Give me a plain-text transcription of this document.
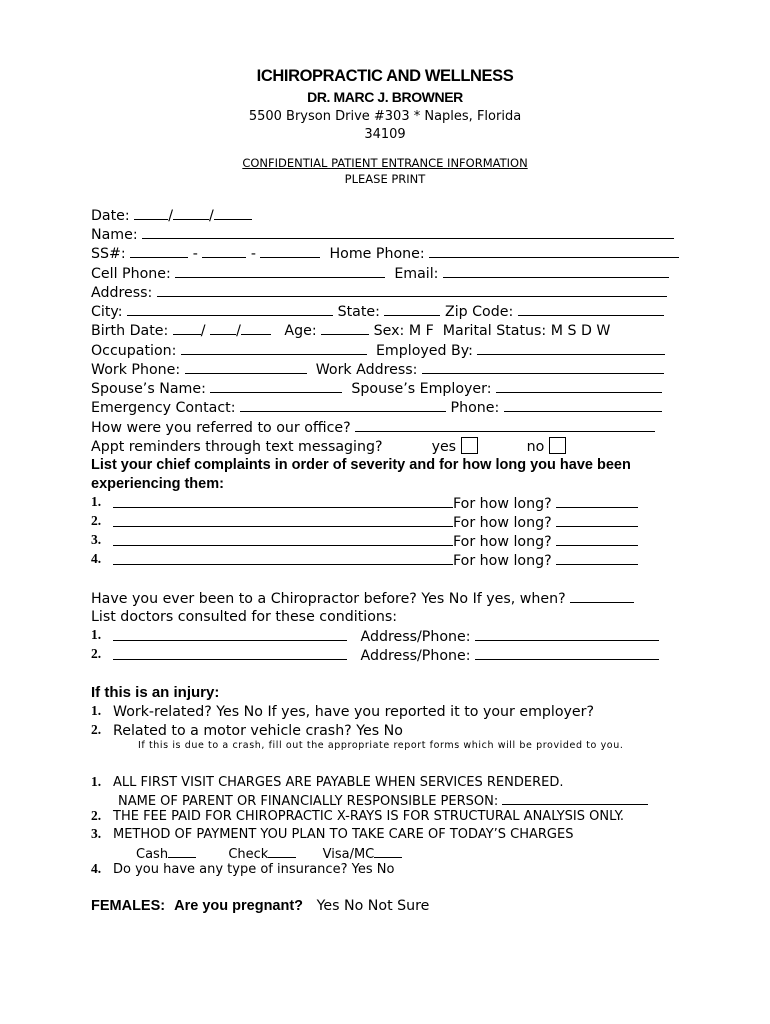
ICHIROPRACTIC AND WELLNESS
DR. MARC J. BROWNER
5500 Bryson Drive #303 * Naples, Florida
34109
CONFIDENTIAL PATIENT ENTRANCE INFORMATION
PLEASE PRINT
Date:	/	/
Name:
SS#:	-	-	Home Phone:
Cell Phone:	Email:
Address:
City:	State:	Zip Code:
Birth Date: / /	Age:	Sex: M F Marital Status: M S D W
Occupation:	Employed By:
Work Phone:	Work Address:
Spouse’s Name:	Spouse’s Employer:
Emergency Contact:	Phone:
How were you referred to our office?
Appt reminders through text messaging?	yes	no
List your chief complaints in order of severity and for how long you have been
experiencing them:
1.	For how long?
2.	For how long?
3.	For how long?
4.	For how long?
Have you ever been to a Chiropractor before? Yes No If yes, when?
List doctors consulted for these conditions:
1.	Address/Phone:
2.	Address/Phone:
If this is an injury:
1. Work-related? Yes No If yes, have you reported it to your employer?
2. Related to a motor vehicle crash? Yes No
If this is due to a crash, fill out the appropriate report forms which will be provided to you.
1. ALL FIRST VISIT CHARGES ARE PAYABLE WHEN SERVICES RENDERED.
NAME OF PARENT OR FINANCIALLY RESPONSIBLE PERSON:
2. THE FEE PAID FOR CHIROPRACTIC X-RAYS IS FOR STRUCTURAL ANALYSIS ONLY.
3. METHOD OF PAYMENT YOU PLAN TO TAKE CARE OF TODAY’S CHARGES
Cash	Check	Visa/MC
4. Do you have any type of insurance? Yes No
FEMALES: Are you pregnant? Yes No Not Sure
